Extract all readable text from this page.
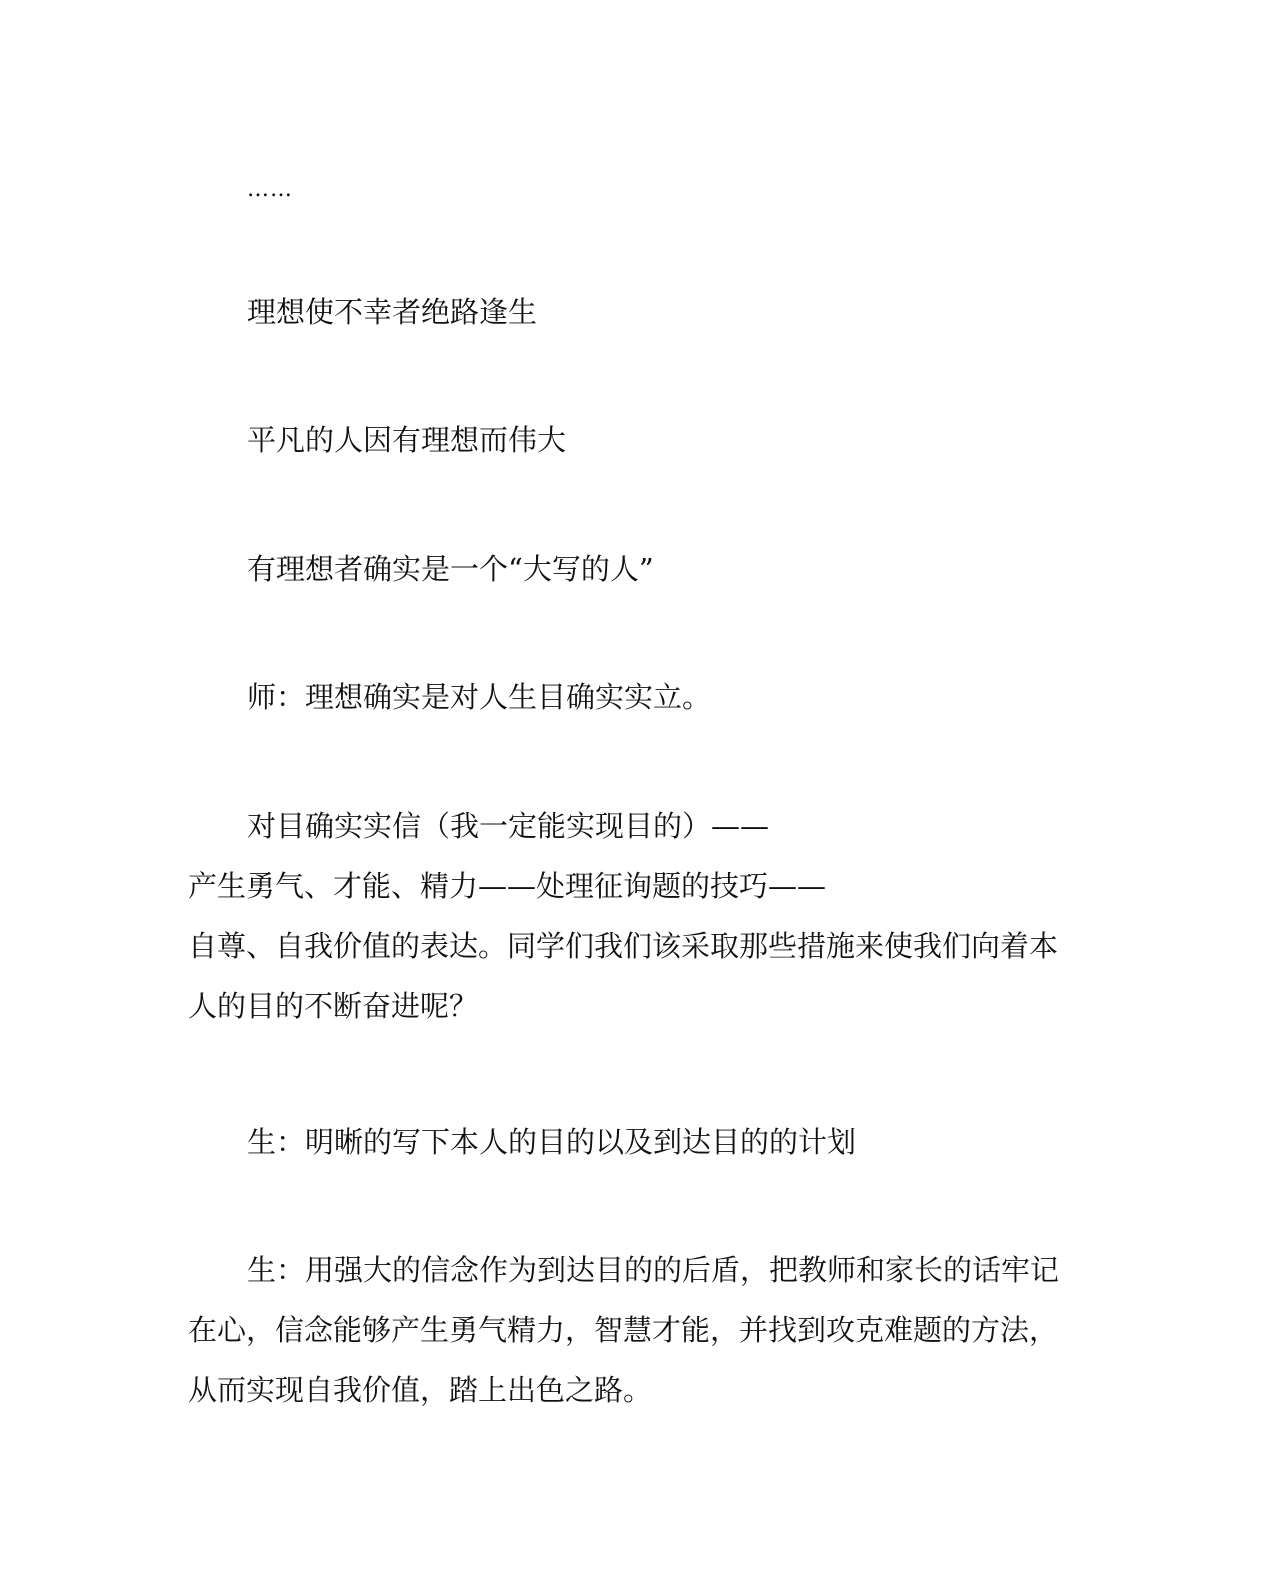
……
理想使不幸者绝路逢生
平凡的人因有理想而伟大
有理想者确实是一个“大写的人”
师：理想确实是对人生目确实实立。
对目确实实信（我一定能实现目的）——
产生勇气、才能、精力——处理征询题的技巧——
自尊、自我价值的表达。同学们我们该采取那些措施来使我们向着本
人的目的不断奋进呢？
生：明晰的写下本人的目的以及到达目的的计划
生：用强大的信念作为到达目的的后盾，把教师和家长的话牢记
在心，信念能够产生勇气精力，智慧才能，并找到攻克难题的方法，
从而实现自我价值，踏上出色之路。
